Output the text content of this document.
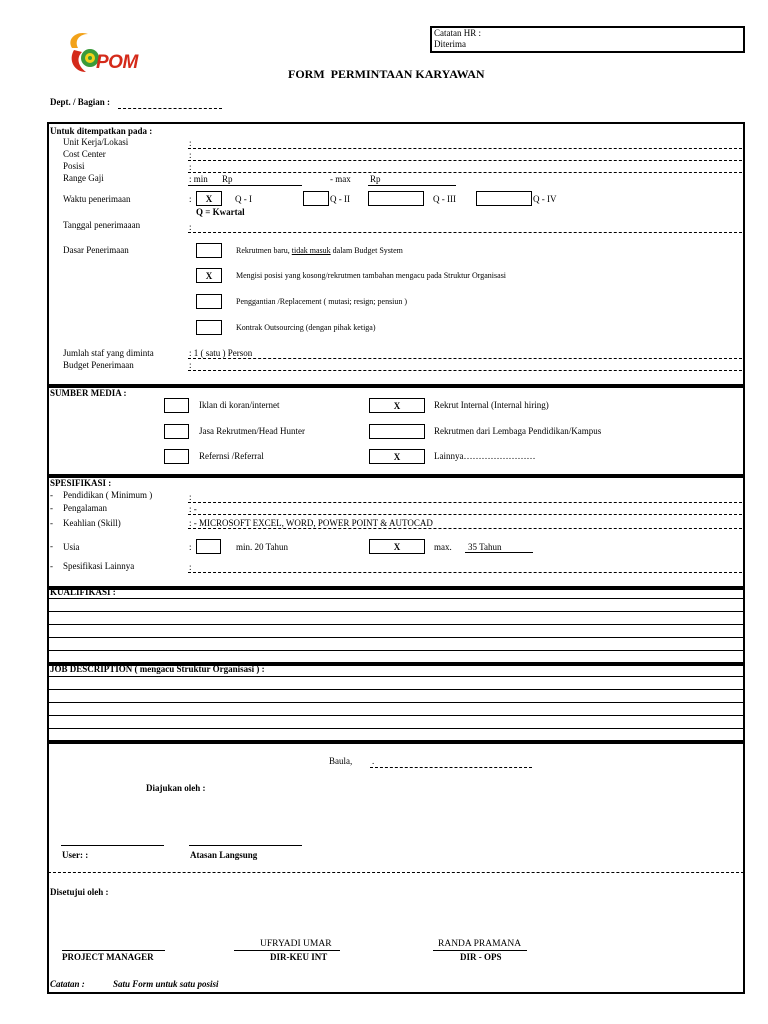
POM
Catatan HR :
Diterima
FORM  PERMINTAAN KARYAWAN
Dept. / Bagian :
Untuk ditempatkan pada :
Unit Kerja/Lokasi	:
Cost Center	:
Posisi	:
Range Gaji	: min Rp	- max Rp
Waktu penerimaan	:	X	Q - I	Q - II	Q - III	Q - IV
Q = Kwartal
Tanggal penerimaaan	:
Dasar Penerimaan	Rekrutmen baru, tidak masuk dalam Budget System
X	Mengisi posisi yang kosong/rekrutmen tambahan mengacu pada Struktur Organisasi
Penggantian /Replacement ( mutasi; resign; pensiun )
Kontrak Outsourcing (dengan pihak ketiga)
Jumlah staf yang diminta	: 1 ( satu ) Person
Budget Penerimaan	:
SUMBER MEDIA :
Iklan di koran/internet	X	Rekrut Internal (Internal hiring)
Jasa Rekrutmen/Head Hunter	Rekrutmen dari Lembaga Pendidikan/Kampus
Refernsi /Referral	X	Lainnya……………………
SPESIFIKASI :
- Pendidikan ( Minimum )	:
- Pengalaman	: -
- Keahlian (Skill)	: - MICROSOFT EXCEL, WORD, POWER POINT & AUTOCAD
- Usia	:	min. 20 Tahun	X	max. 35 Tahun
- Spesifikasi Lainnya	:
KUALIFIKASI :
JOB DESCRIPTION ( mengacu Struktur Organisasi ) :
Baula, .
Diajukan oleh :
User: :	Atasan Langsung
Disetujui oleh :
PROJECT MANAGER
UFRYADI UMAR
DIR-KEU INT
RANDA PRAMANA
DIR - OPS
Catatan :	Satu Form untuk satu posisi
